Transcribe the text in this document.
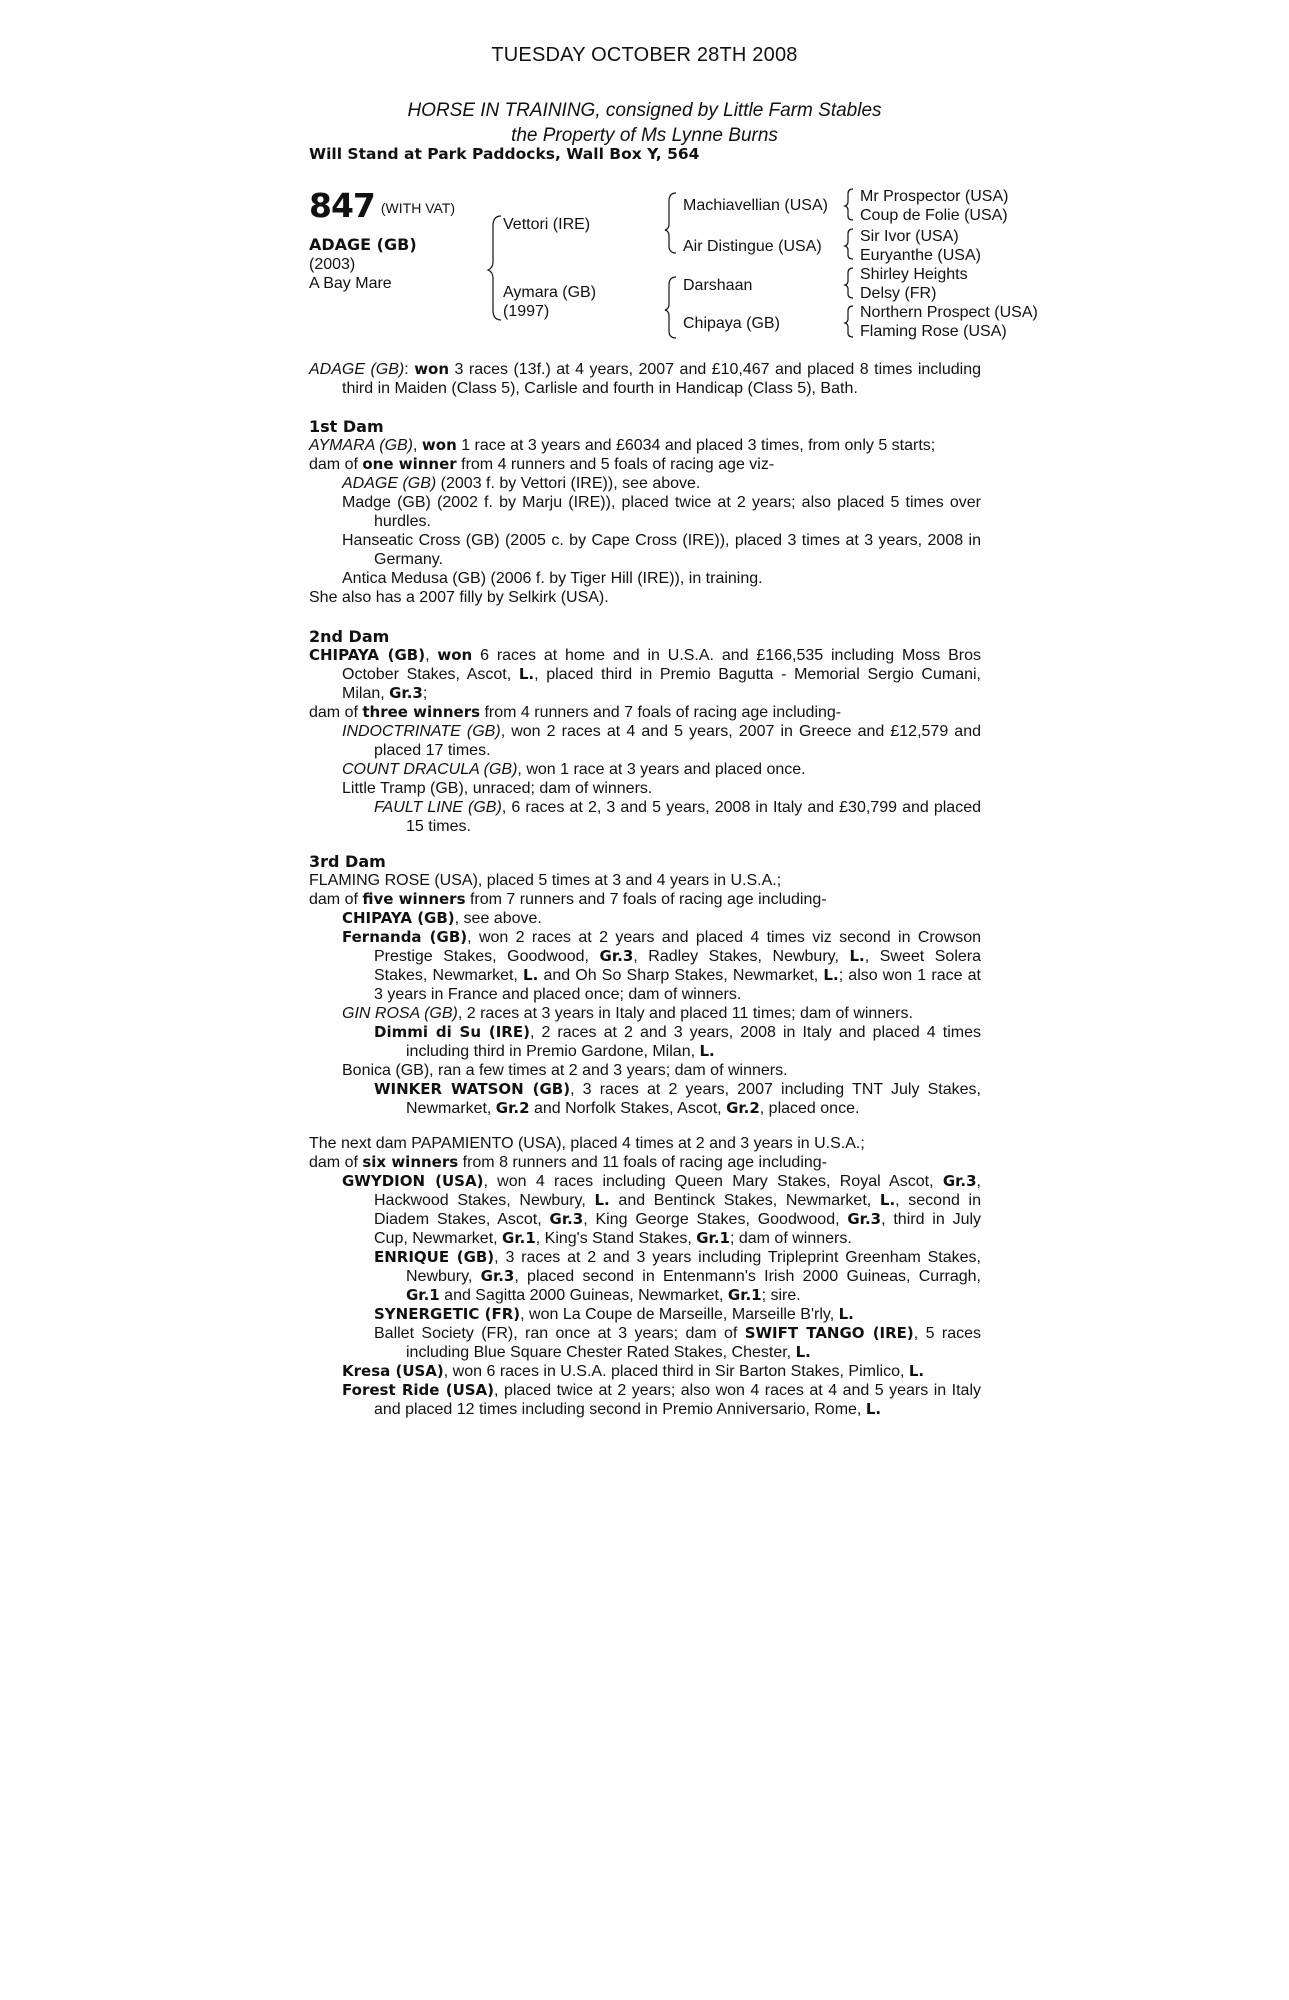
TUESDAY OCTOBER 28TH 2008
HORSE IN TRAINING, consigned by Little Farm Stables
the Property of Ms Lynne Burns
Will Stand at Park Paddocks, Wall Box Y, 564
847 (WITH VAT)
ADAGE (GB)
(2003)
A Bay Mare
Vettori (IRE)
Aymara (GB)
(1997)
Machiavellian (USA)
Air Distingue (USA)
Darshaan
Chipaya (GB)
Mr Prospector (USA)
Coup de Folie (USA)
Sir Ivor (USA)
Euryanthe (USA)
Shirley Heights
Delsy (FR)
Northern Prospect (USA)
Flaming Rose (USA)

ADAGE (GB): won 3 races (13f.) at 4 years, 2007 and £10,467 and placed 8 times including third in Maiden (Class 5), Carlisle and fourth in Handicap (Class 5), Bath.

1st Dam

AYMARA (GB), won 1 race at 3 years and £6034 and placed 3 times, from only 5 starts;

dam of one winner from 4 runners and 5 foals of racing age viz-

ADAGE (GB) (2003 f. by Vettori (IRE)), see above.

Madge (GB) (2002 f. by Marju (IRE)), placed twice at 2 years; also placed 5 times over hurdles.

Hanseatic Cross (GB) (2005 c. by Cape Cross (IRE)), placed 3 times at 3 years, 2008 in Germany.

Antica Medusa (GB) (2006 f. by Tiger Hill (IRE)), in training.

She also has a 2007 filly by Selkirk (USA).

2nd Dam

CHIPAYA (GB), won 6 races at home and in U.S.A. and £166,535 including Moss Bros October Stakes, Ascot, L., placed third in Premio Bagutta - Memorial Sergio Cumani, Milan, Gr.3;

dam of three winners from 4 runners and 7 foals of racing age including-

INDOCTRINATE (GB), won 2 races at 4 and 5 years, 2007 in Greece and £12,579 and placed 17 times.

COUNT DRACULA (GB), won 1 race at 3 years and placed once.

Little Tramp (GB), unraced; dam of winners.

FAULT LINE (GB), 6 races at 2, 3 and 5 years, 2008 in Italy and £30,799 and placed 15 times.

3rd Dam

FLAMING ROSE (USA), placed 5 times at 3 and 4 years in U.S.A.;

dam of five winners from 7 runners and 7 foals of racing age including-

CHIPAYA (GB), see above.

Fernanda (GB), won 2 races at 2 years and placed 4 times viz second in Crowson Prestige Stakes, Goodwood, Gr.3, Radley Stakes, Newbury, L., Sweet Solera Stakes, Newmarket, L. and Oh So Sharp Stakes, Newmarket, L.; also won 1 race at 3 years in France and placed once; dam of winners.

GIN ROSA (GB), 2 races at 3 years in Italy and placed 11 times; dam of winners.

Dimmi di Su (IRE), 2 races at 2 and 3 years, 2008 in Italy and placed 4 times including third in Premio Gardone, Milan, L.

Bonica (GB), ran a few times at 2 and 3 years; dam of winners.

WINKER WATSON (GB), 3 races at 2 years, 2007 including TNT July Stakes, Newmarket, Gr.2 and Norfolk Stakes, Ascot, Gr.2, placed once.

The next dam PAPAMIENTO (USA), placed 4 times at 2 and 3 years in U.S.A.;

dam of six winners from 8 runners and 11 foals of racing age including-

GWYDION (USA), won 4 races including Queen Mary Stakes, Royal Ascot, Gr.3, Hackwood Stakes, Newbury, L. and Bentinck Stakes, Newmarket, L., second in Diadem Stakes, Ascot, Gr.3, King George Stakes, Goodwood, Gr.3, third in July Cup, Newmarket, Gr.1, King's Stand Stakes, Gr.1; dam of winners.

ENRIQUE (GB), 3 races at 2 and 3 years including Tripleprint Greenham Stakes, Newbury, Gr.3, placed second in Entenmann's Irish 2000 Guineas, Curragh, Gr.1 and Sagitta 2000 Guineas, Newmarket, Gr.1; sire.

SYNERGETIC (FR), won La Coupe de Marseille, Marseille B'rly, L.

Ballet Society (FR), ran once at 3 years; dam of SWIFT TANGO (IRE), 5 races including Blue Square Chester Rated Stakes, Chester, L.

Kresa (USA), won 6 races in U.S.A. placed third in Sir Barton Stakes, Pimlico, L.

Forest Ride (USA), placed twice at 2 years; also won 4 races at 4 and 5 years in Italy and placed 12 times including second in Premio Anniversario, Rome, L.
